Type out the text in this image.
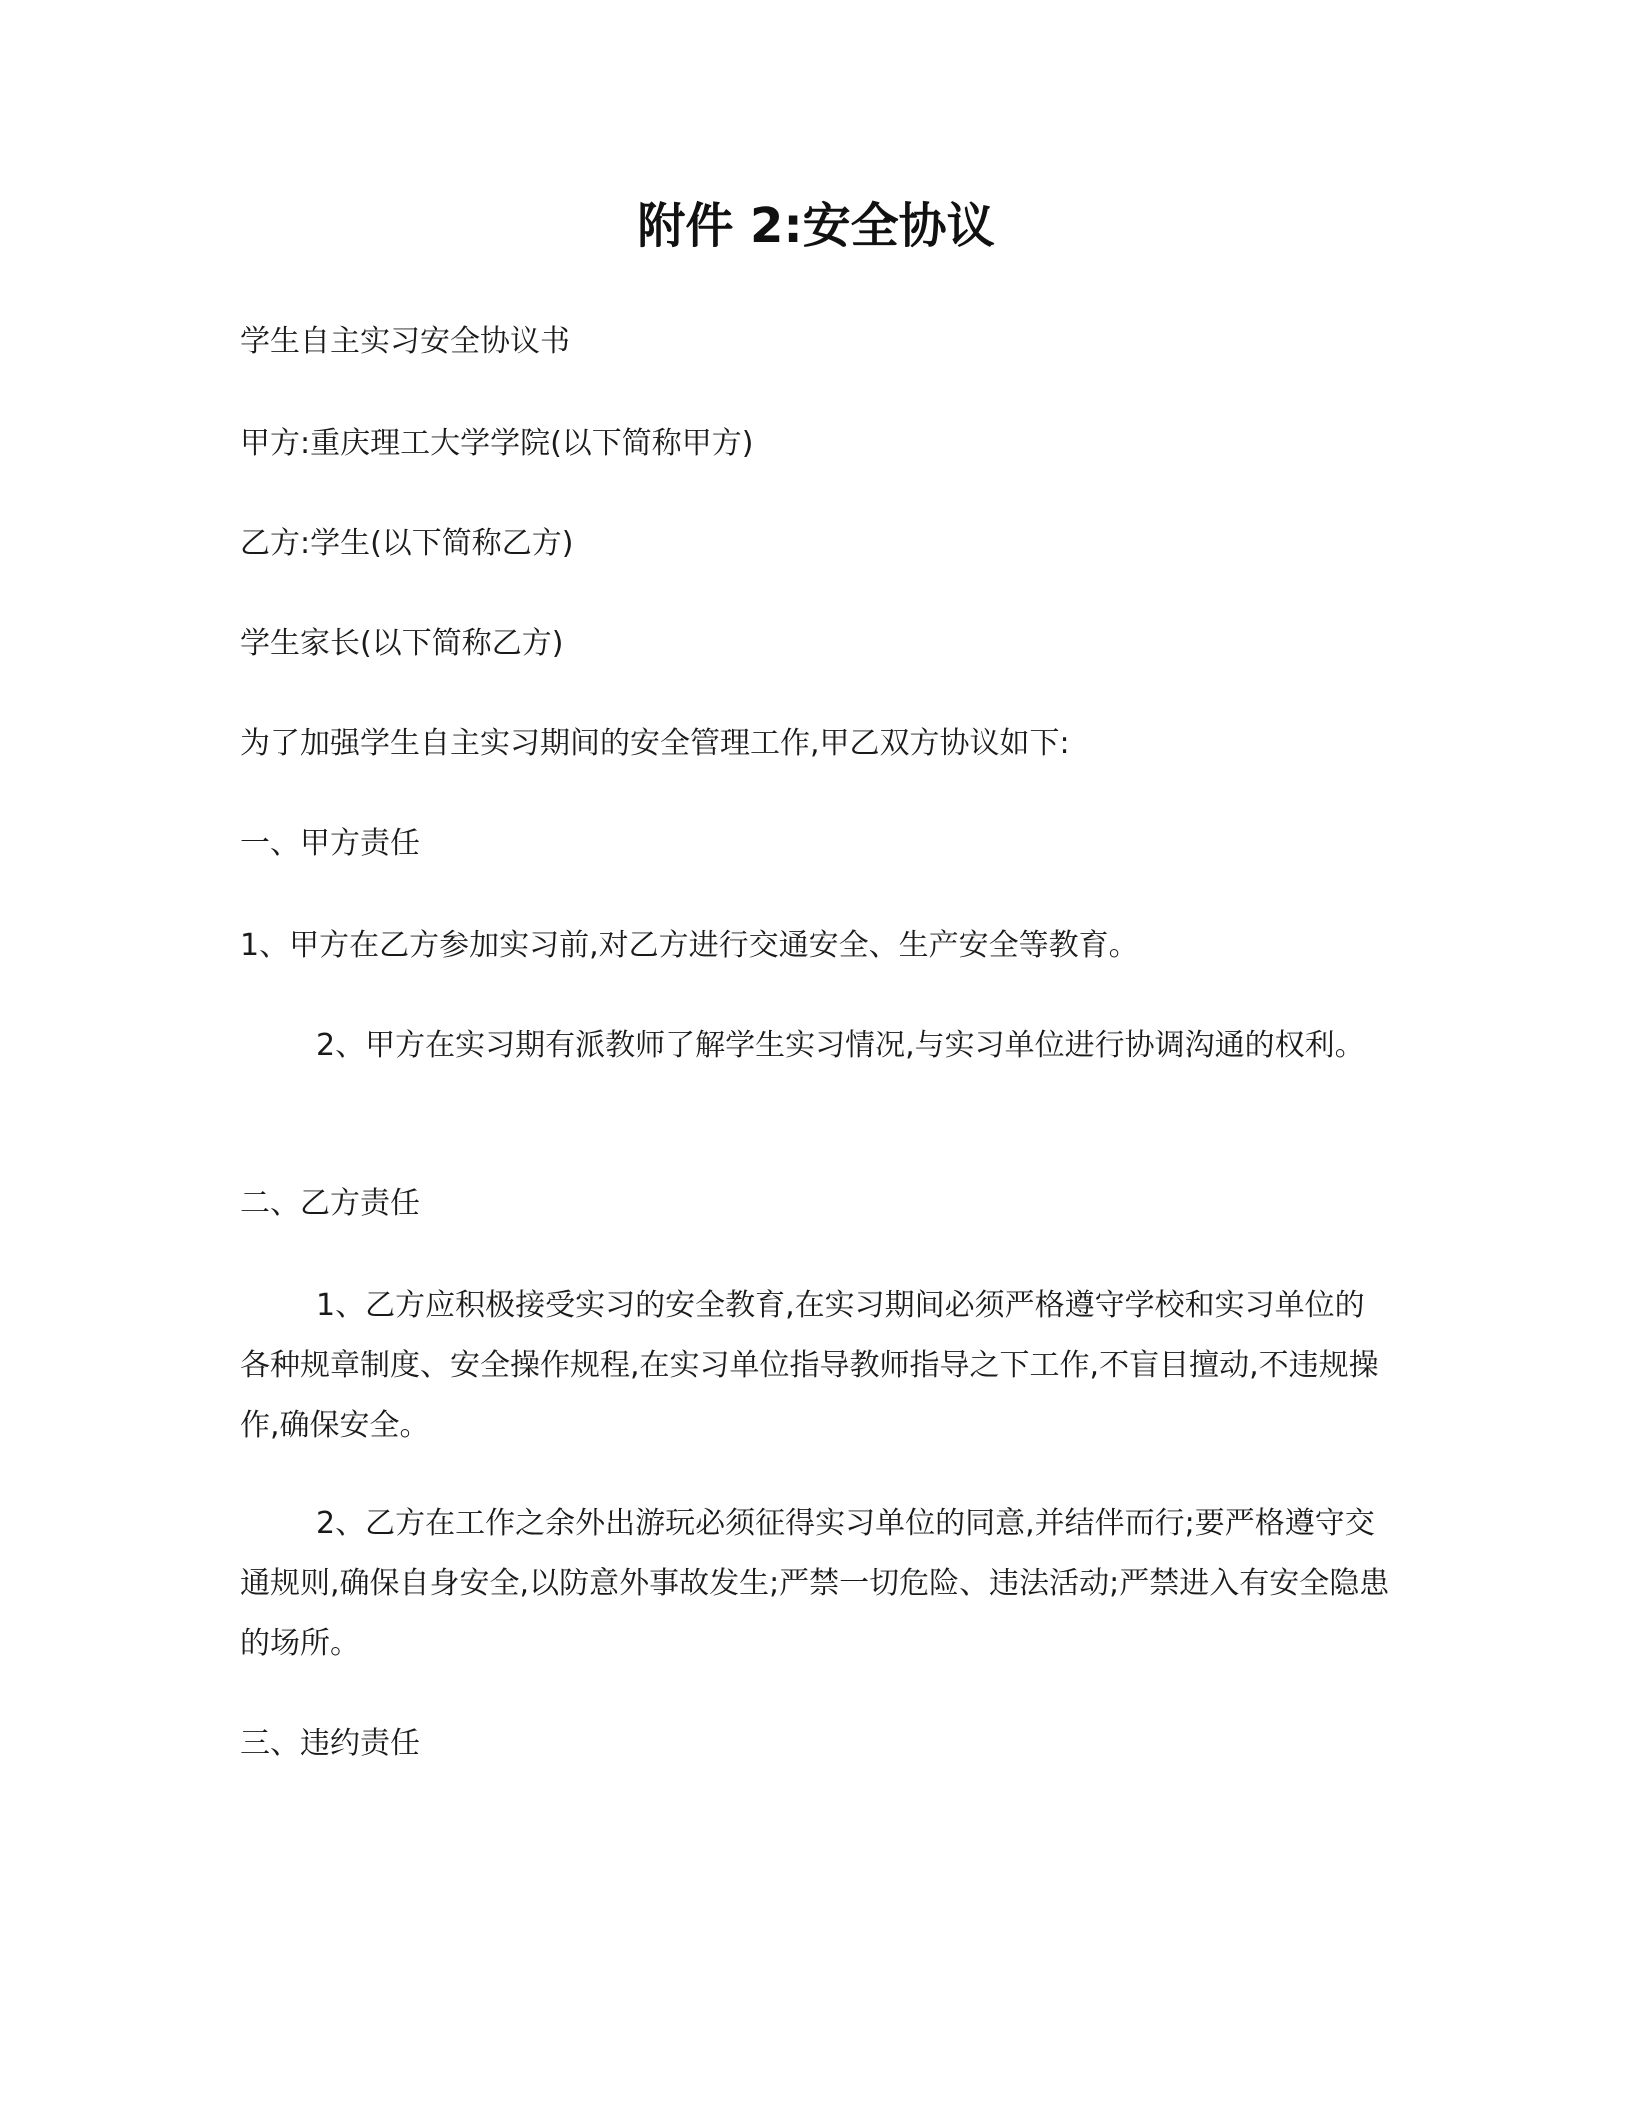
附件 2:安全协议
学生自主实习安全协议书
甲方:重庆理工大学学院(以下简称甲方)
乙方:学生(以下简称乙方)
学生家长(以下简称乙方)
为了加强学生自主实习期间的安全管理工作,甲乙双方协议如下:
一、甲方责任
1、甲方在乙方参加实习前,对乙方进行交通安全、生产安全等教育。
2、甲方在实习期有派教师了解学生实习情况,与实习单位进行协调沟通的权利。
二、乙方责任
1、乙方应积极接受实习的安全教育,在实习期间必须严格遵守学校和实习单位的各种规章制度、安全操作规程,在实习单位指导教师指导之下工作,不盲目擅动,不违规操作,确保安全。
2、乙方在工作之余外出游玩必须征得实习单位的同意,并结伴而行;要严格遵守交通规则,确保自身安全,以防意外事故发生;严禁一切危险、违法活动;严禁进入有安全隐患的场所。
三、违约责任
